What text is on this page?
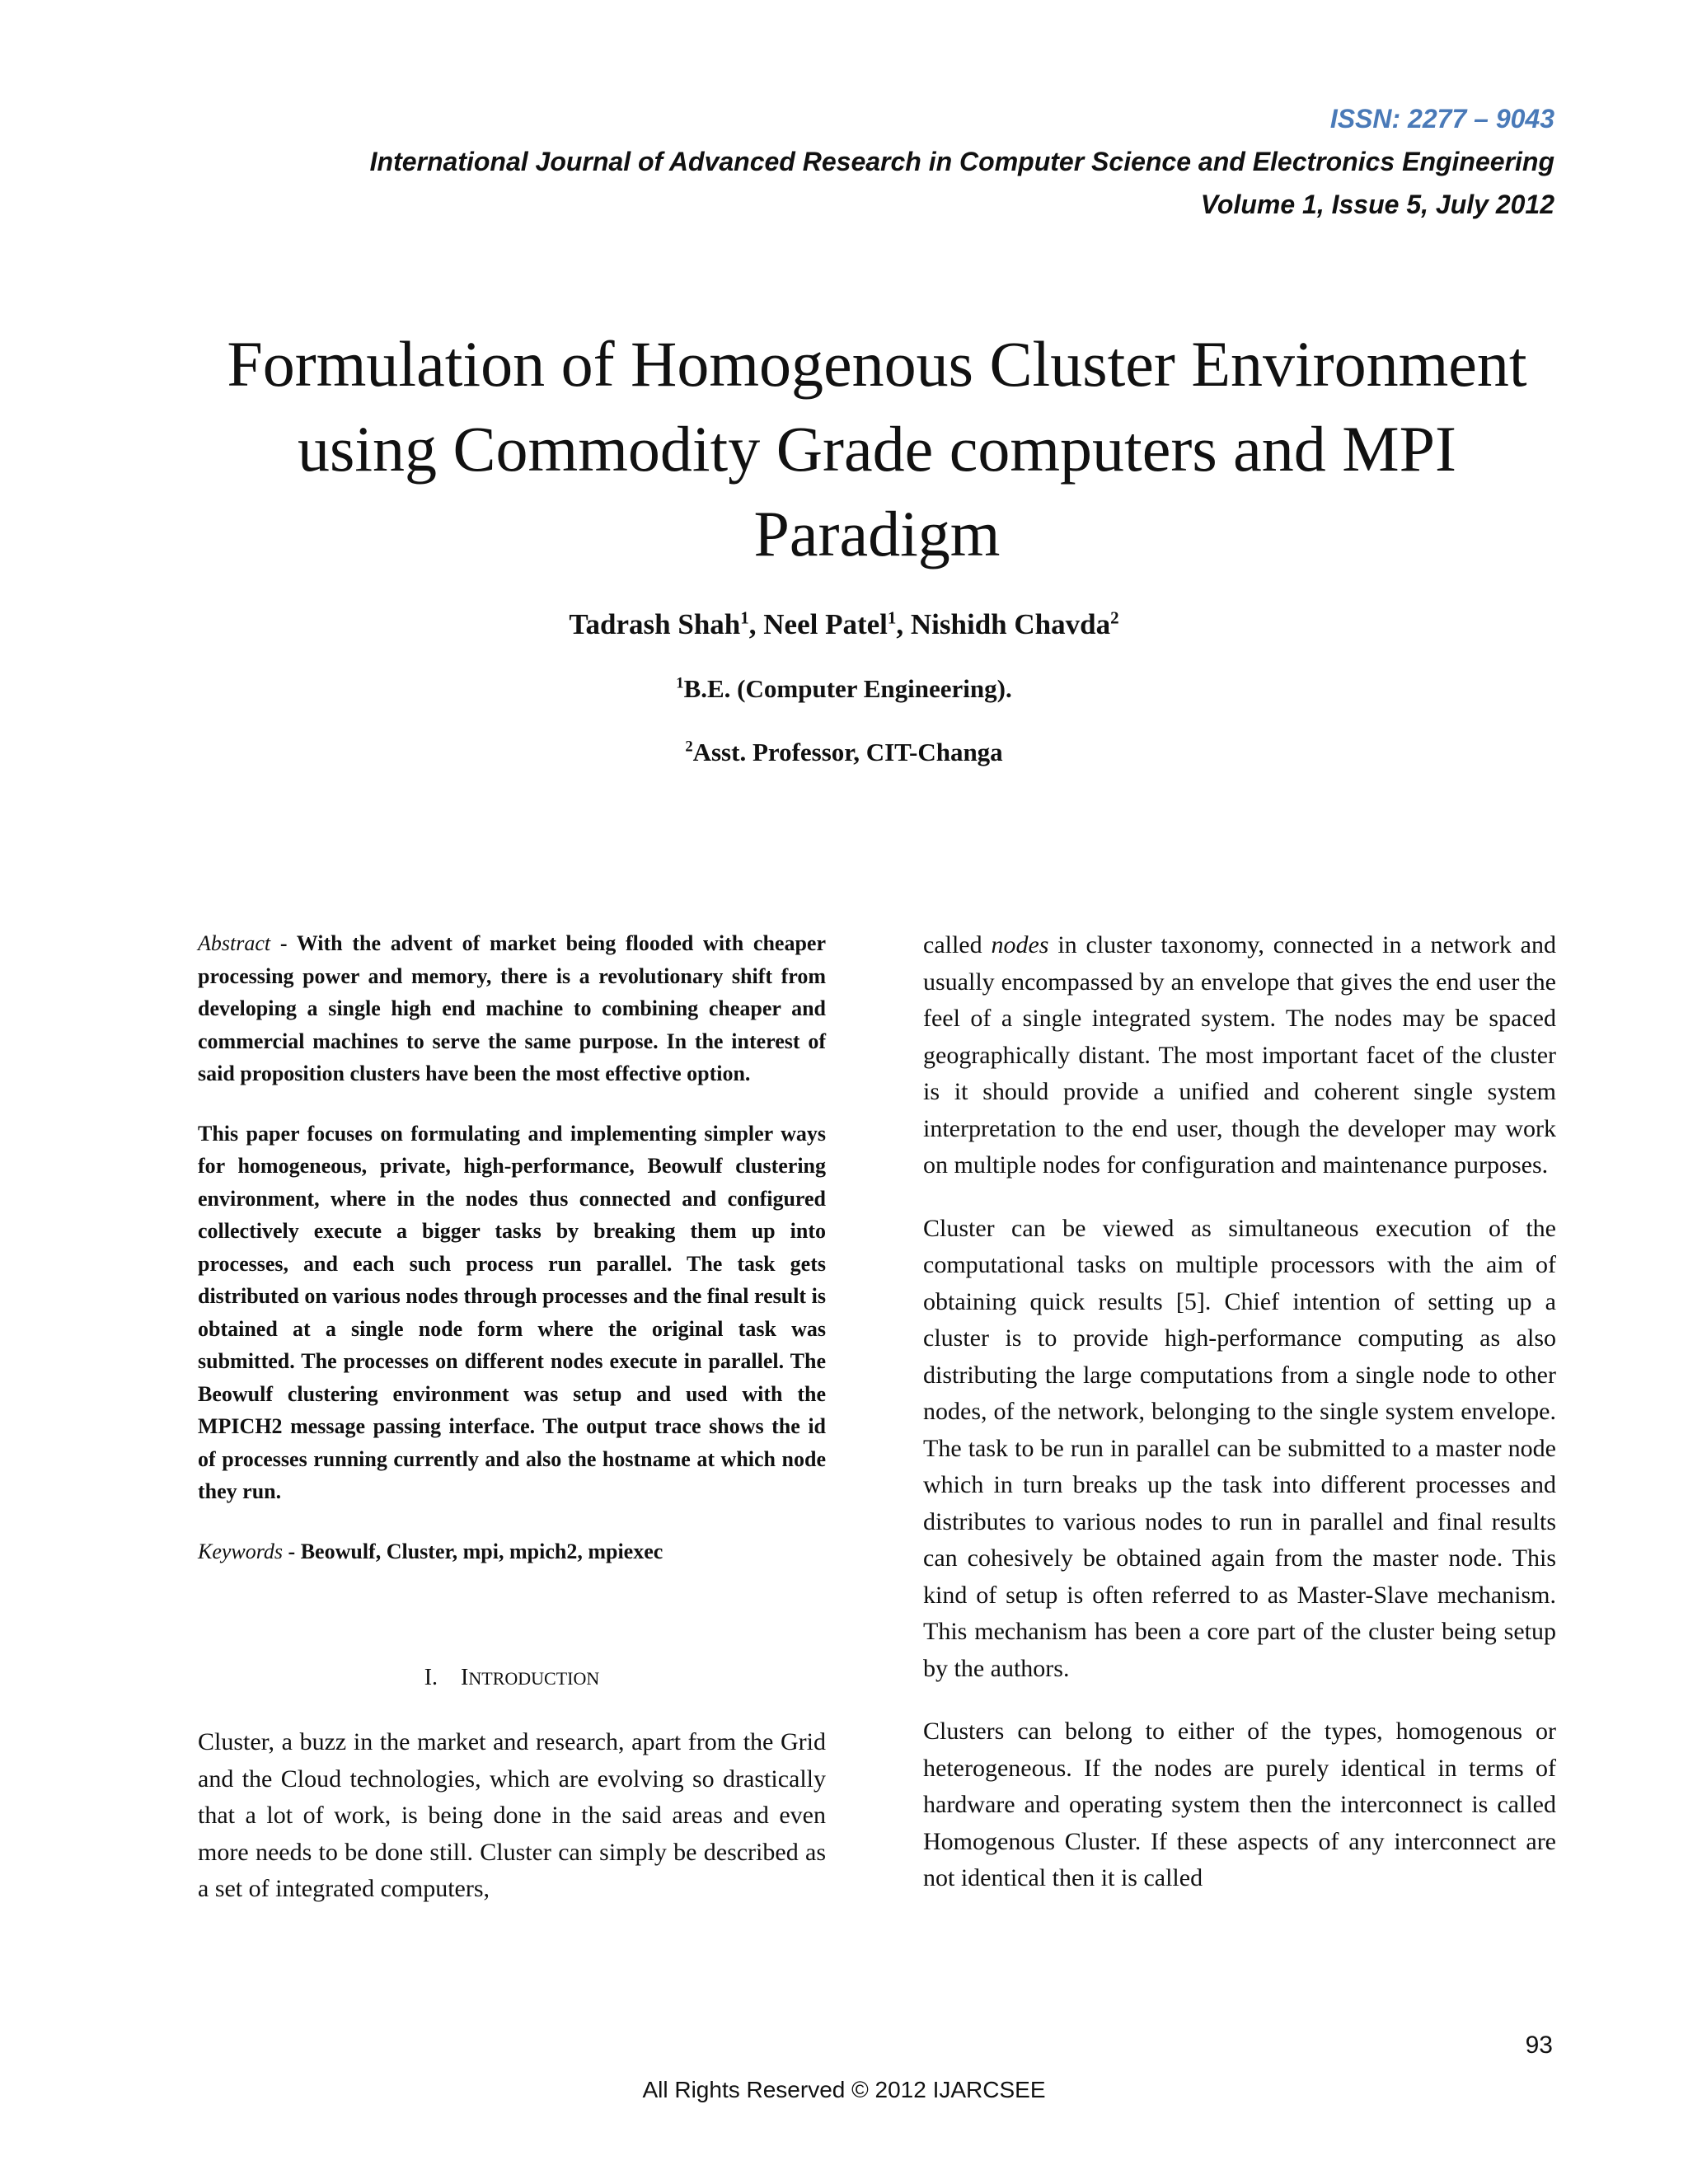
ISSN: 2277 – 9043
International Journal of Advanced Research in Computer Science and Electronics Engineering
Volume 1, Issue 5, July 2012
Formulation of Homogenous Cluster Environment
using Commodity Grade computers and MPI
Paradigm
Tadrash Shah$^1$, Neel Patel$^1$, Nishidh Chavda$^2$
$^1$B.E. (Computer Engineering).
$^2$Asst. Professor, CIT-Changa

Abstract - With the advent of market being flooded with cheaper processing power and memory, there is a revolutionary shift from developing a single high end machine to combining cheaper and commercial machines to serve the same purpose. In the interest of said proposition clusters have been the most effective option.

This paper focuses on formulating and implementing simpler ways for homogeneous, private, high-performance, Beowulf clustering environment, where in the nodes thus connected and configured collectively execute a bigger tasks by breaking them up into processes, and each such process run parallel. The task gets distributed on various nodes through processes and the final result is obtained at a single node form where the original task was submitted. The processes on different nodes execute in parallel. The Beowulf clustering environment was setup and used with the MPICH2 message passing interface. The output trace shows the id of processes running currently and also the hostname at which node they run.

Keywords - Beowulf, Cluster, mpi, mpich2, mpiexec

I. INTRODUCTION

Cluster, a buzz in the market and research, apart from the Grid and the Cloud technologies, which are evolving so drastically that a lot of work, is being done in the said areas and even more needs to be done still. Cluster can simply be described as a set of integrated computers,

called nodes in cluster taxonomy, connected in a network and usually encompassed by an envelope that gives the end user the feel of a single integrated system. The nodes may be spaced geographically distant. The most important facet of the cluster is it should provide a unified and coherent single system interpretation to the end user, though the developer may work on multiple nodes for configuration and maintenance purposes.

Cluster can be viewed as simultaneous execution of the computational tasks on multiple processors with the aim of obtaining quick results [5]. Chief intention of setting up a cluster is to provide high-performance computing as also distributing the large computations from a single node to other nodes, of the network, belonging to the single system envelope. The task to be run in parallel can be submitted to a master node which in turn breaks up the task into different processes and distributes to various nodes to run in parallel and final results can cohesively be obtained again from the master node. This kind of setup is often referred to as Master-Slave mechanism. This mechanism has been a core part of the cluster being setup by the authors.

Clusters can belong to either of the types, homogenous or heterogeneous. If the nodes are purely identical in terms of hardware and operating system then the interconnect is called Homogenous Cluster. If these aspects of any interconnect are not identical then it is called

93
All Rights Reserved © 2012 IJARCSEE
